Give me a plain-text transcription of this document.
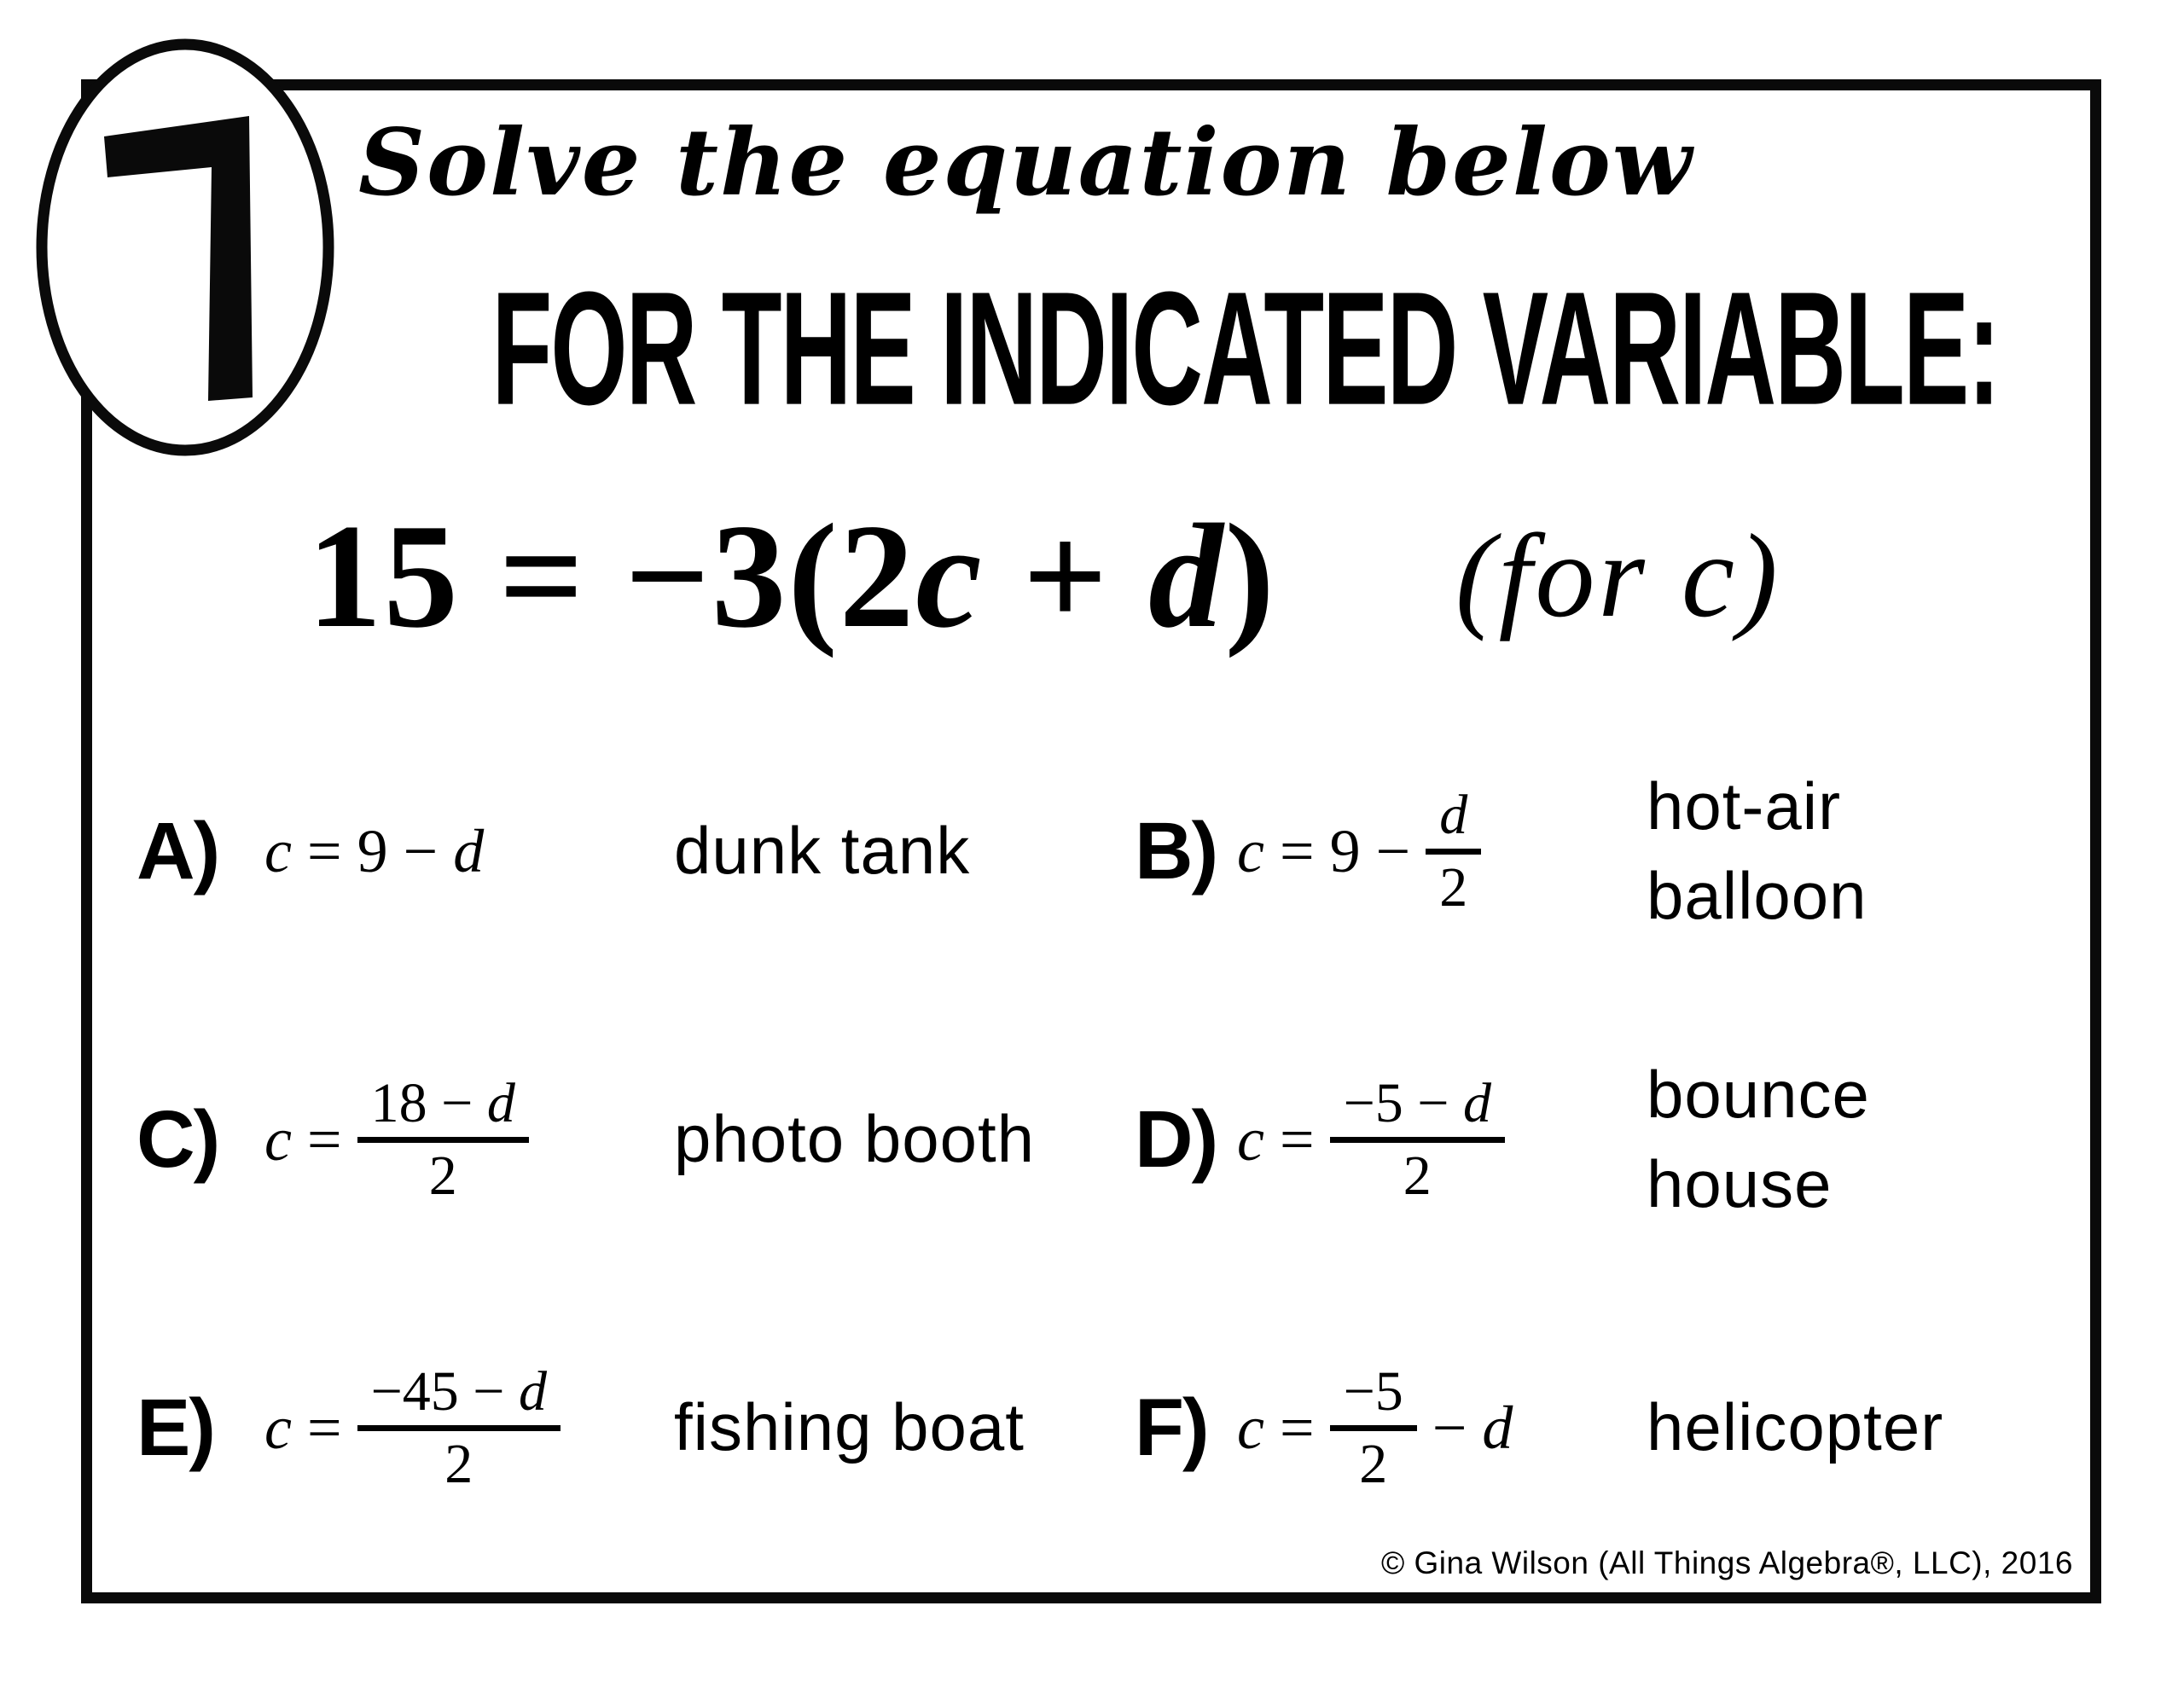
Solve the equation below
FOR THE INDICATED VARIABLE:
15 = −3(2c + d) (for c)
A) c = 9 − d	dunk tank B) $c = 9 - \frac{d}{2} hot-air$ balloon
C) $c = \frac{18 - d}{2}$ photo booth D) $c = \frac{-5 - d}{2}$ bounce house
E) $c = \frac{-45 - d}{2}$ fishing boat F) $c = \frac{-5}{2} - d$ helicopter
© Gina Wilson (All Things Algebra®, LLC), 2016
